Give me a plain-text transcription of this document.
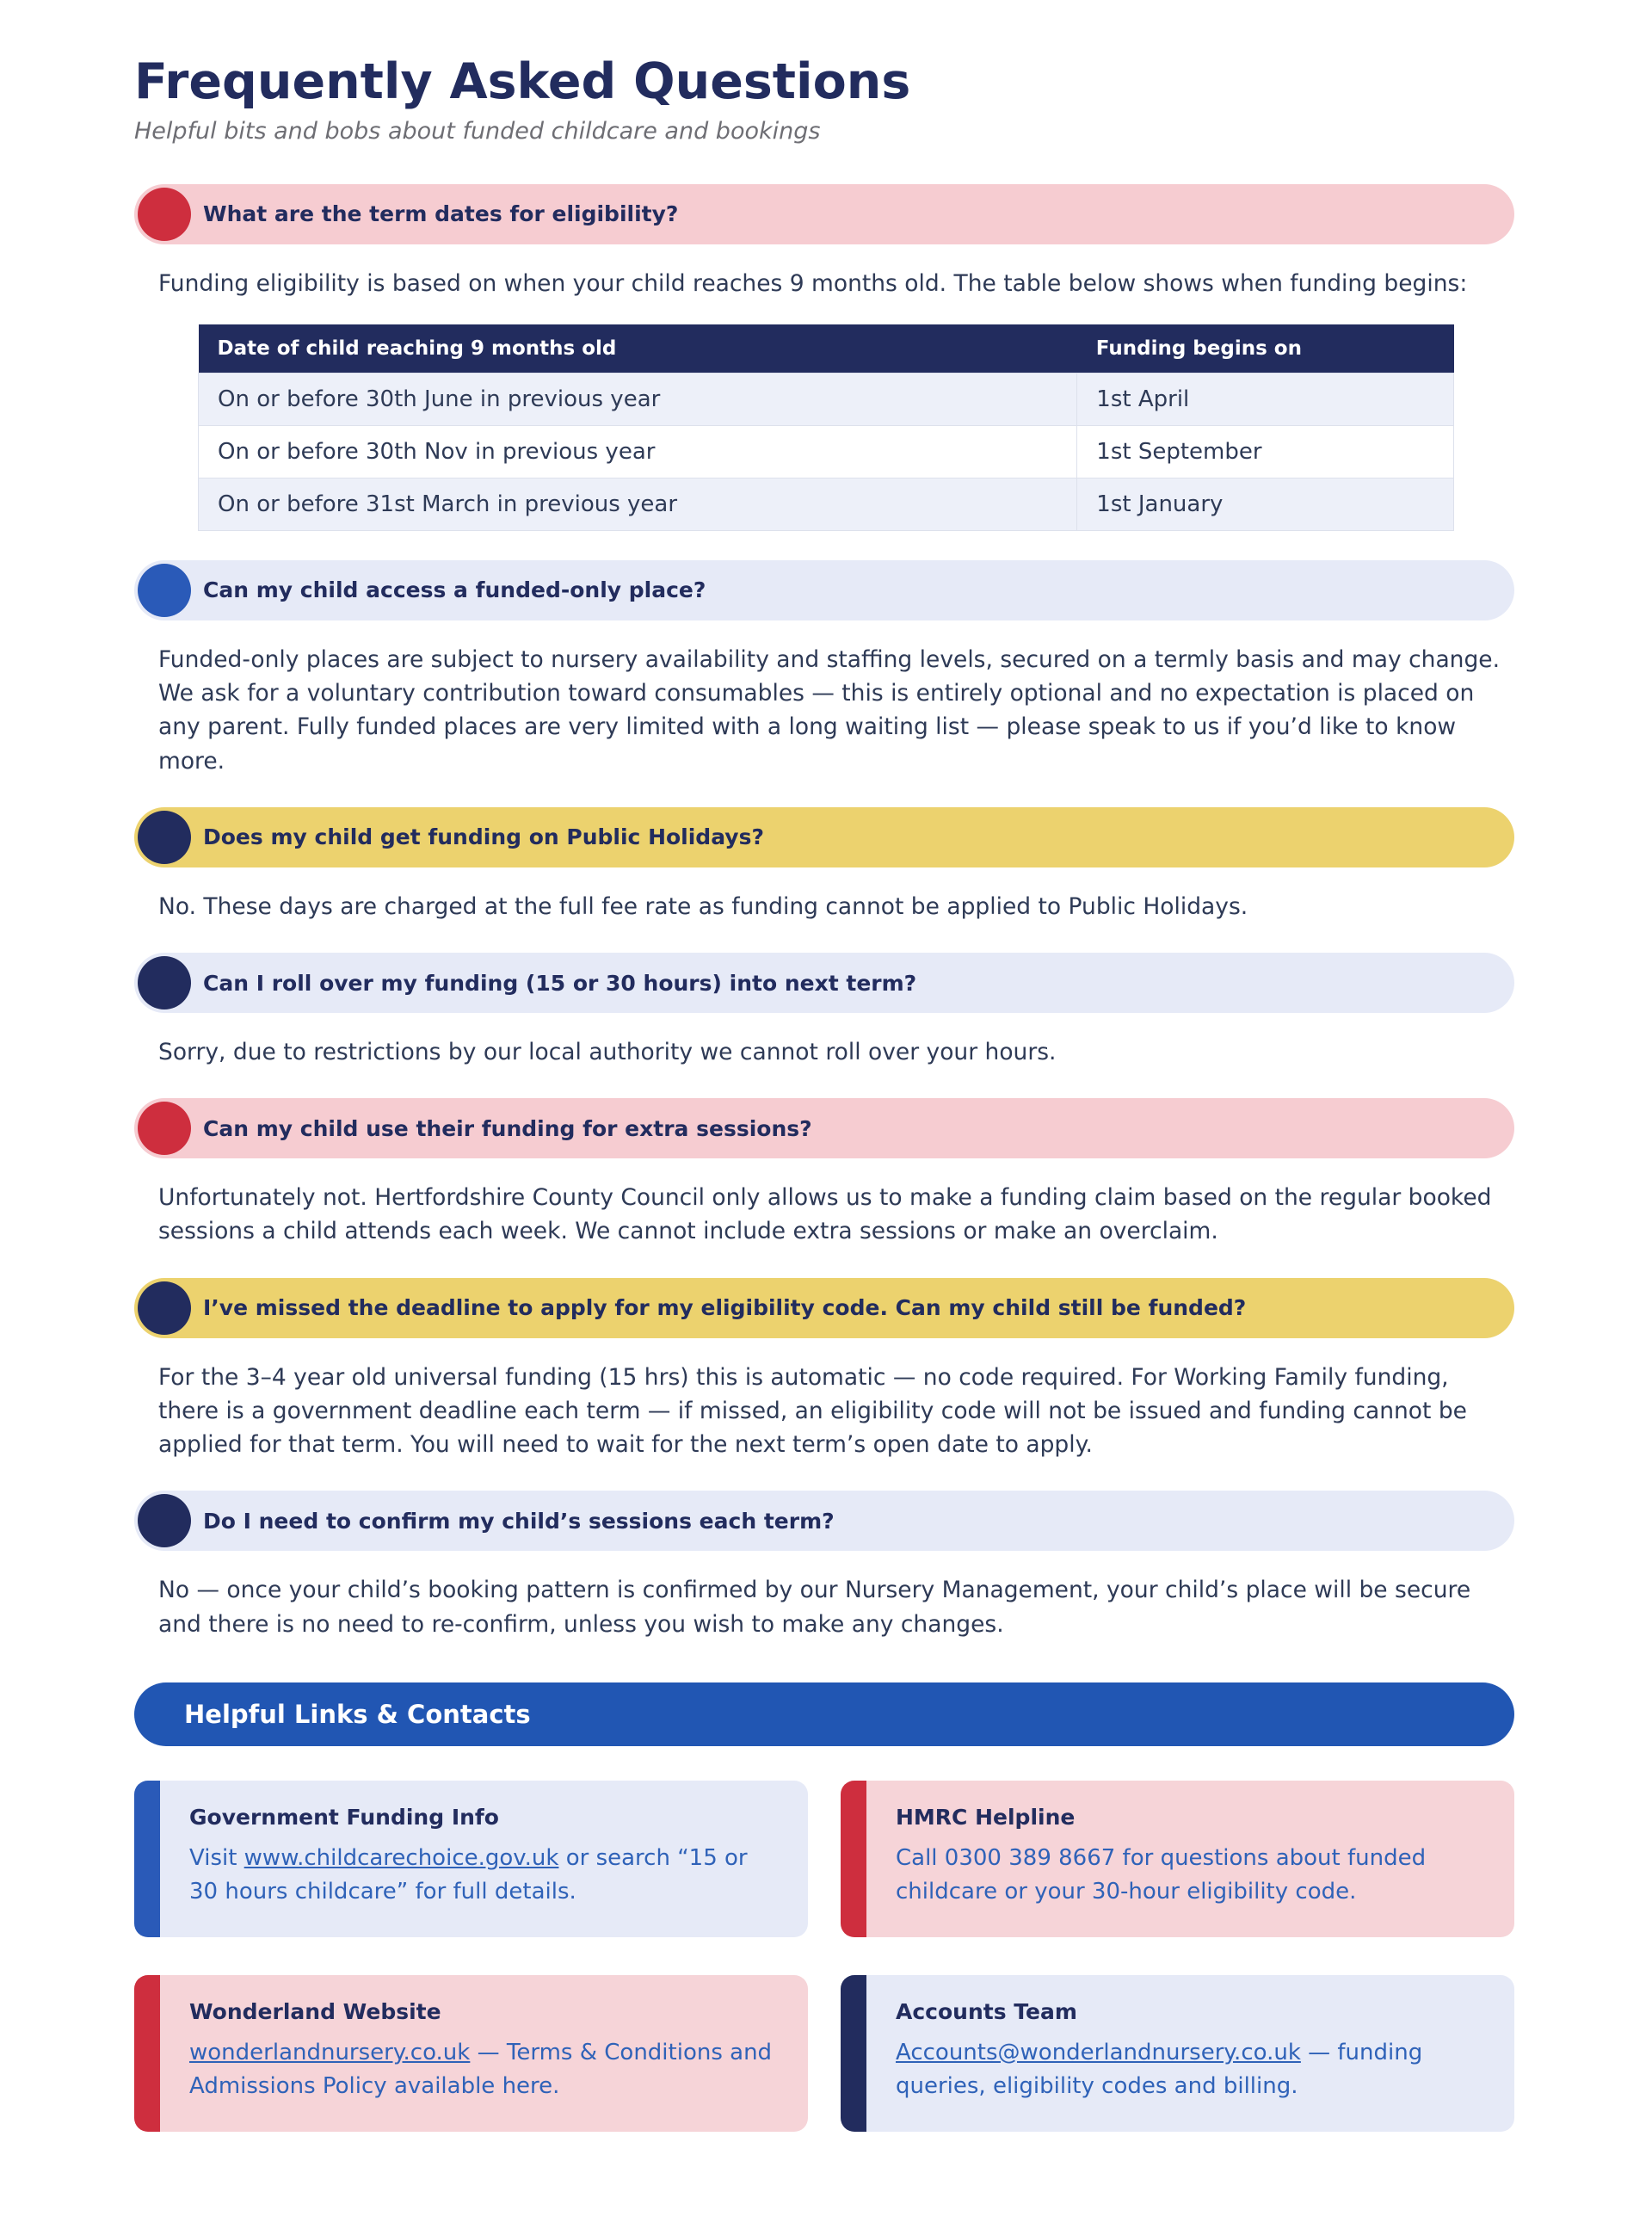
Frequently Asked Questions

Helpful bits and bobs about funded childcare and bookings

What are the term dates for eligibility?

Funding eligibility is based on when your child reaches 9 months old. The table below shows when funding begins:

Date of child reaching 9 months old	Funding begins on
On or before 30th June in previous year	1st April
On or before 30th Nov in previous year	1st September
On or before 31st March in previous year	1st January
Can my child access a funded-only place?

Funded-only places are subject to nursery availability and staffing levels, secured on a termly basis and may change. We ask for a voluntary contribution toward consumables — this is entirely optional and no expectation is placed on any parent. Fully funded places are very limited with a long waiting list — please speak to us if you’d like to know more.

Does my child get funding on Public Holidays?

No. These days are charged at the full fee rate as funding cannot be applied to Public Holidays.

Can I roll over my funding (15 or 30 hours) into next term?

Sorry, due to restrictions by our local authority we cannot roll over your hours.

Can my child use their funding for extra sessions?

Unfortunately not. Hertfordshire County Council only allows us to make a funding claim based on the regular booked sessions a child attends each week. We cannot include extra sessions or make an overclaim.

I’ve missed the deadline to apply for my eligibility code. Can my child still be funded?

For the 3–4 year old universal funding (15 hrs) this is automatic — no code required. For Working Family funding, there is a government deadline each term — if missed, an eligibility code will not be issued and funding cannot be applied for that term. You will need to wait for the next term’s open date to apply.

Do I need to confirm my child’s sessions each term?

No — once your child’s booking pattern is confirmed by our Nursery Management, your child’s place will be secure and there is no need to re-confirm, unless you wish to make any changes.

Helpful Links & Contacts
Government Funding Info

Visit www.childcarechoice.gov.uk or search “15 or 30 hours childcare” for full details.

HMRC Helpline

Call 0300 389 8667 for questions about funded childcare or your 30-hour eligibility code.

Wonderland Website

wonderlandnursery.co.uk — Terms & Conditions and Admissions Policy available here.

Accounts Team

Accounts@wonderlandnursery.co.uk — funding queries, eligibility codes and billing.
